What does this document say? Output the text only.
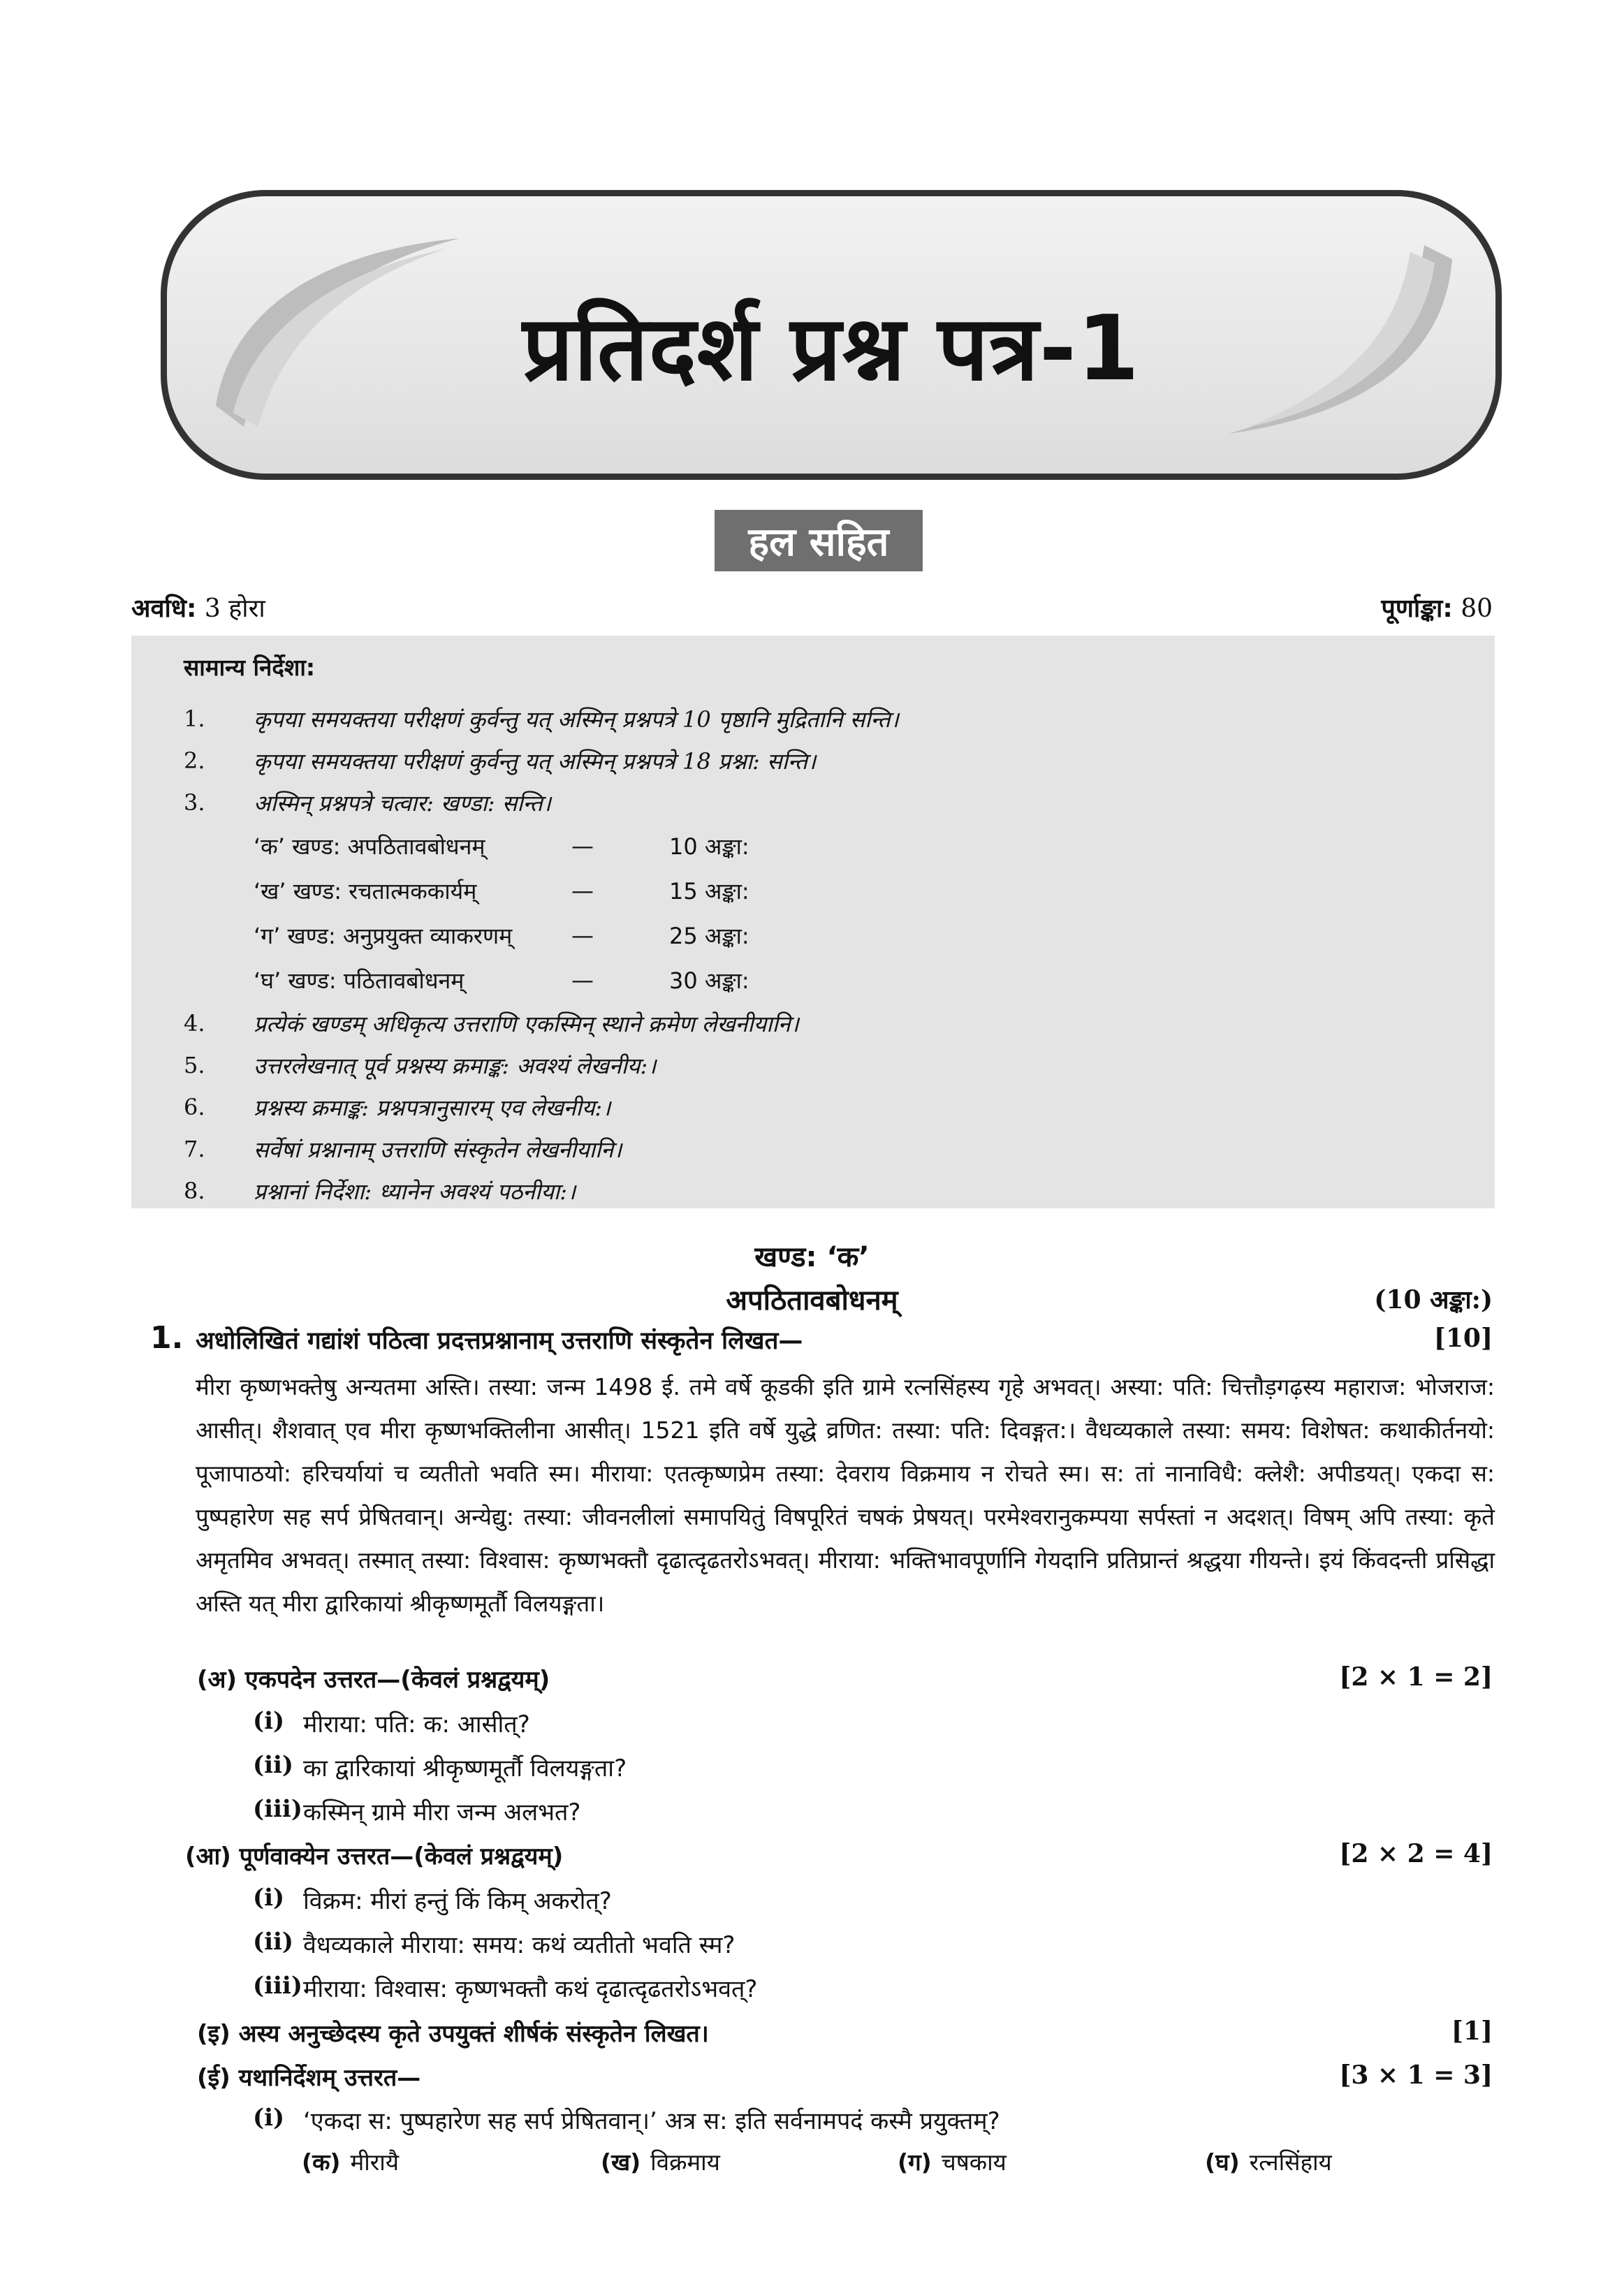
प्रतिदर्श प्रश्न पत्र-1
हल सहित
अवधि: 3 होरा	पूर्णाङ्का: 80
सामान्य निर्देशा:
1.	कृपया समयक्तया परीक्षणं कुर्वन्तु यत् अस्मिन् प्रश्नपत्रे 10 पृष्ठानि मुद्रितानि सन्ति।
2.	कृपया समयक्तया परीक्षणं कुर्वन्तु यत् अस्मिन् प्रश्नपत्रे 18 प्रश्ना: सन्ति।
3.	अस्मिन् प्रश्नपत्रे चत्वार: खण्डा: सन्ति।
‘क’ खण्ड: अपठितावबोधनम्	—	10 अङ्का:
‘ख’ खण्ड: रचतात्मककार्यम्	—	15 अङ्का:
‘ग’ खण्ड: अनुप्रयुक्त व्याकरणम्	—	25 अङ्का:
‘घ’ खण्ड: पठितावबोधनम्	—	30 अङ्का:
4.	प्रत्येकं खण्डम् अधिकृत्य उत्तराणि एकस्मिन् स्थाने क्रमेण लेखनीयानि।
5.	उत्तरलेखनात् पूर्व प्रश्नस्य क्रमाङ्क: अवश्यं लेखनीय:।
6.	प्रश्नस्य क्रमाङ्क: प्रश्नपत्रानुसारम् एव लेखनीय:।
7.	सर्वेषां प्रश्नानाम् उत्तराणि संस्कृतेन लेखनीयानि।
8.	प्रश्नानां निर्देशा: ध्यानेन अवश्यं पठनीया:।
खण्ड: ‘क’
अपठितावबोधनम्	(10 अङ्का:)
1. अधोलिखितं गद्यांशं पठित्वा प्रदत्तप्रश्नानाम् उत्तराणि संस्कृतेन लिखत—	[10]
मीरा कृष्णभक्तेषु अन्यतमा अस्ति। तस्या: जन्म 1498 ई. तमे वर्षे कूडकी इति ग्रामे रत्नसिंहस्य गृहे अभवत्। अस्या: पति: चित्तौड़गढ़स्य महाराज: भोजराज: आसीत्। शैशवात् एव मीरा कृष्णभक्तिलीना आसीत्। 1521 इति वर्षे युद्धे व्रणित: तस्या: पति: दिवङ्गत:। वैधव्यकाले तस्या: समय: विशेषत: कथाकीर्तनयो: पूजापाठयो: हरिचर्यायां च व्यतीतो भवति स्म। मीराया: एतत्कृष्णप्रेम तस्या: देवराय विक्रमाय न रोचते स्म। स: तां नानाविधै: क्लेशै: अपीडयत्। एकदा स: पुष्पहारेण सह सर्प प्रेषितवान्। अन्येद्यु: तस्या: जीवनलीलां समापयितुं विषपूरितं चषकं प्रेषयत्। परमेश्वरानुकम्पया सर्पस्तां न अदशत्। विषम् अपि तस्या: कृते अमृतमिव अभवत्। तस्मात् तस्या: विश्वास: कृष्णभक्तौ दृढात्दृढतरोऽभवत्। मीराया: भक्तिभावपूर्णानि गेयदानि प्रतिप्रान्तं श्रद्धया गीयन्ते। इयं किंवदन्ती प्रसिद्धा अस्ति यत् मीरा द्वारिकायां श्रीकृष्णमूर्तौ विलयङ्गता।
(अ) एकपदेन उत्तरत—(केवलं प्रश्नद्वयम्)	[2 × 1 = 2]
(i) मीराया: पति: क: आसीत्?
(ii) का द्वारिकायां श्रीकृष्णमूर्तौ विलयङ्गता?
(iii) कस्मिन् ग्रामे मीरा जन्म अलभत?
(आ) पूर्णवाक्येन उत्तरत—(केवलं प्रश्नद्वयम्)	[2 × 2 = 4]
(i) विक्रम: मीरां हन्तुं किं किम् अकरोत्?
(ii) वैधव्यकाले मीराया: समय: कथं व्यतीतो भवति स्म?
(iii) मीराया: विश्वास: कृष्णभक्तौ कथं दृढात्दृढतरोऽभवत्?
(इ) अस्य अनुच्छेदस्य कृते उपयुक्तं शीर्षकं संस्कृतेन लिखत।	[1]
(ई) यथानिर्देशम् उत्तरत—	[3 × 1 = 3]
(i) ‘एकदा स: पुष्पहारेण सह सर्प प्रेषितवान्।’ अत्र स: इति सर्वनामपदं कस्मै प्रयुक्तम्?
(क) मीरायै	(ख) विक्रमाय	(ग) चषकाय	(घ) रत्नसिंहाय
